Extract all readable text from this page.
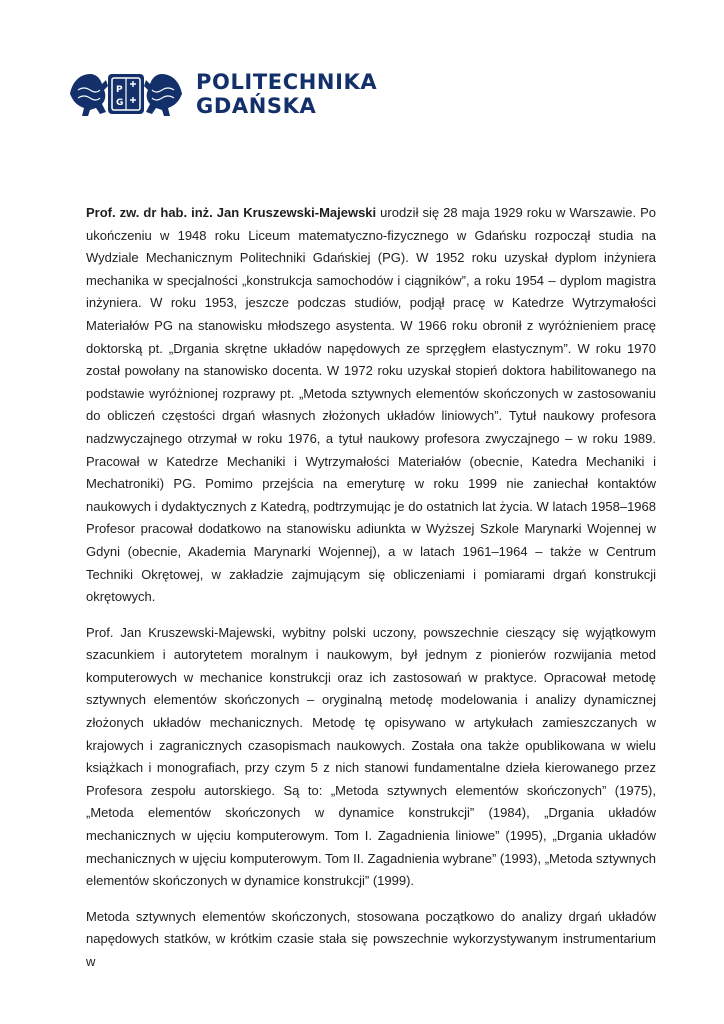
P
G
POLITECHNIKA
GDAŃSKA

Prof. zw. dr hab. inż. Jan Kruszewski-Majewski urodził się 28 maja 1929 roku w Warszawie. Po ukończeniu w 1948 roku Liceum matematyczno-fizycznego w Gdańsku rozpoczął studia na Wydziale Mechanicznym Politechniki Gdańskiej (PG). W 1952 roku uzyskał dyplom inżyniera mechanika w specjalności „konstrukcja samochodów i ciągników”, a roku 1954 – dyplom magistra inżyniera. W roku 1953, jeszcze podczas studiów, podjął pracę w Katedrze Wytrzymałości Materiałów PG na stanowisku młodszego asystenta. W 1966 roku obronił z wyróżnieniem pracę doktorską pt. „Drgania skrętne układów napędowych ze sprzęgłem elastycznym”. W roku 1970 został powołany na stanowisko docenta. W 1972 roku uzyskał stopień doktora habilitowanego na podstawie wyróżnionej rozprawy pt. „Metoda sztywnych elementów skończonych w zastosowaniu do obliczeń częstości drgań własnych złożonych układów liniowych”. Tytuł naukowy profesora nadzwyczajnego otrzymał w roku 1976, a tytuł naukowy profesora zwyczajnego – w roku 1989. Pracował w Katedrze Mechaniki i Wytrzymałości Materiałów (obecnie, Katedra Mechaniki i Mechatroniki) PG. Pomimo przejścia na emeryturę w roku 1999 nie zaniechał kontaktów naukowych i dydaktycznych z Katedrą, podtrzymując je do ostatnich lat życia. W latach 1958–1968 Profesor pracował dodatkowo na stanowisku adiunkta w Wyższej Szkole Marynarki Wojennej w Gdyni (obecnie, Akademia Marynarki Wojennej), a w latach 1961–1964 – także w Centrum Techniki Okrętowej, w zakładzie zajmującym się obliczeniami i pomiarami drgań konstrukcji okrętowych.

Prof. Jan Kruszewski-Majewski, wybitny polski uczony, powszechnie cieszący się wyjątkowym szacunkiem i autorytetem moralnym i naukowym, był jednym z pionierów rozwijania metod komputerowych w mechanice konstrukcji oraz ich zastosowań w praktyce. Opracował metodę sztywnych elementów skończonych – oryginalną metodę modelowania i analizy dynamicznej złożonych układów mechanicznych. Metodę tę opisywano w artykułach zamieszczanych w krajowych i zagranicznych czasopismach naukowych. Została ona także opublikowana w wielu książkach i monografiach, przy czym 5 z nich stanowi fundamentalne dzieła kierowanego przez Profesora zespołu autorskiego. Są to: „Metoda sztywnych elementów skończonych” (1975), „Metoda elementów skończonych w dynamice konstrukcji” (1984), „Drgania układów mechanicznych w ujęciu komputerowym. Tom I. Zagadnienia liniowe” (1995), „Drgania układów mechanicznych w ujęciu komputerowym. Tom II. Zagadnienia wybrane” (1993), „Metoda sztywnych elementów skończonych w dynamice konstrukcji” (1999).

Metoda sztywnych elementów skończonych, stosowana początkowo do analizy drgań układów napędowych statków, w krótkim czasie stała się powszechnie wykorzystywanym instrumentarium w
